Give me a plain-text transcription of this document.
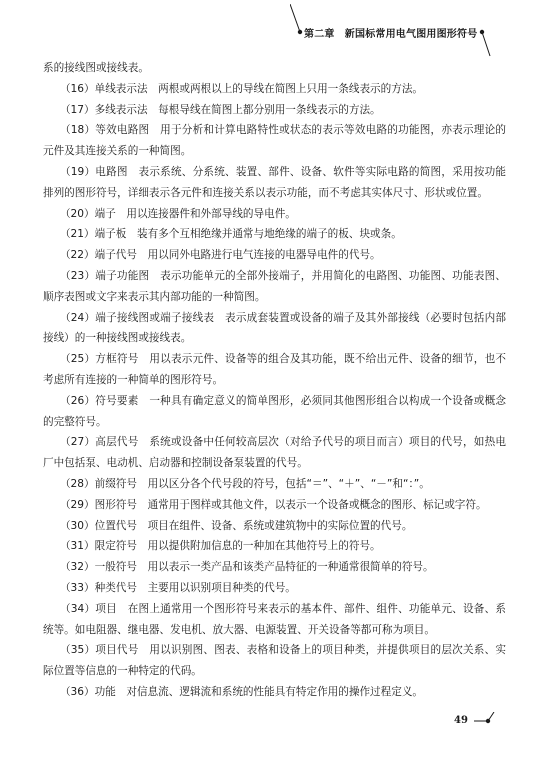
第二章　新国标常用电气图用图形符号

系的接线图或接线表。

（16）单线表示法　两根或两根以上的导线在简图上只用一条线表示的方法。

（17）多线表示法　每根导线在简图上都分别用一条线表示的方法。

（18）等效电路图　用于分析和计算电路特性或状态的表示等效电路的功能图，亦表示理论的元件及其连接关系的一种简图。

（19）电路图　表示系统、分系统、装置、部件、设备、软件等实际电路的简图，采用按功能排列的图形符号，详细表示各元件和连接关系以表示功能，而不考虑其实体尺寸、形状或位置。

（20）端子　用以连接器件和外部导线的导电件。

（21）端子板　装有多个互相绝缘并通常与地绝缘的端子的板、块或条。

（22）端子代号　用以同外电路进行电气连接的电器导电件的代号。

（23）端子功能图　表示功能单元的全部外接端子，并用简化的电路图、功能图、功能表图、顺序表图或文字来表示其内部功能的一种简图。

（24）端子接线图或端子接线表　表示成套装置或设备的端子及其外部接线（必要时包括内部接线）的一种接线图或接线表。

（25）方框符号　用以表示元件、设备等的组合及其功能，既不给出元件、设备的细节，也不考虑所有连接的一种简单的图形符号。

（26）符号要素　一种具有确定意义的简单图形，必须同其他图形组合以构成一个设备或概念的完整符号。

（27）高层代号　系统或设备中任何较高层次（对给予代号的项目而言）项目的代号，如热电厂中包括泵、电动机、启动器和控制设备泵装置的代号。

（28）前缀符号　用以区分各个代号段的符号，包括“＝”、“＋”、“－”和“：”。

（29）图形符号　通常用于图样或其他文件，以表示一个设备或概念的图形、标记或字符。

（30）位置代号　项目在组件、设备、系统或建筑物中的实际位置的代号。

（31）限定符号　用以提供附加信息的一种加在其他符号上的符号。

（32）一般符号　用以表示一类产品和该类产品特征的一种通常很简单的符号。

（33）种类代号　主要用以识别项目种类的代号。

（34）项目　在图上通常用一个图形符号来表示的基本件、部件、组件、功能单元、设备、系统等。如电阻器、继电器、发电机、放大器、电源装置、开关设备等都可称为项目。

（35）项目代号　用以识别图、图表、表格和设备上的项目种类，并提供项目的层次关系、实际位置等信息的一种特定的代码。

（36）功能　对信息流、逻辑流和系统的性能具有特定作用的操作过程定义。

49
